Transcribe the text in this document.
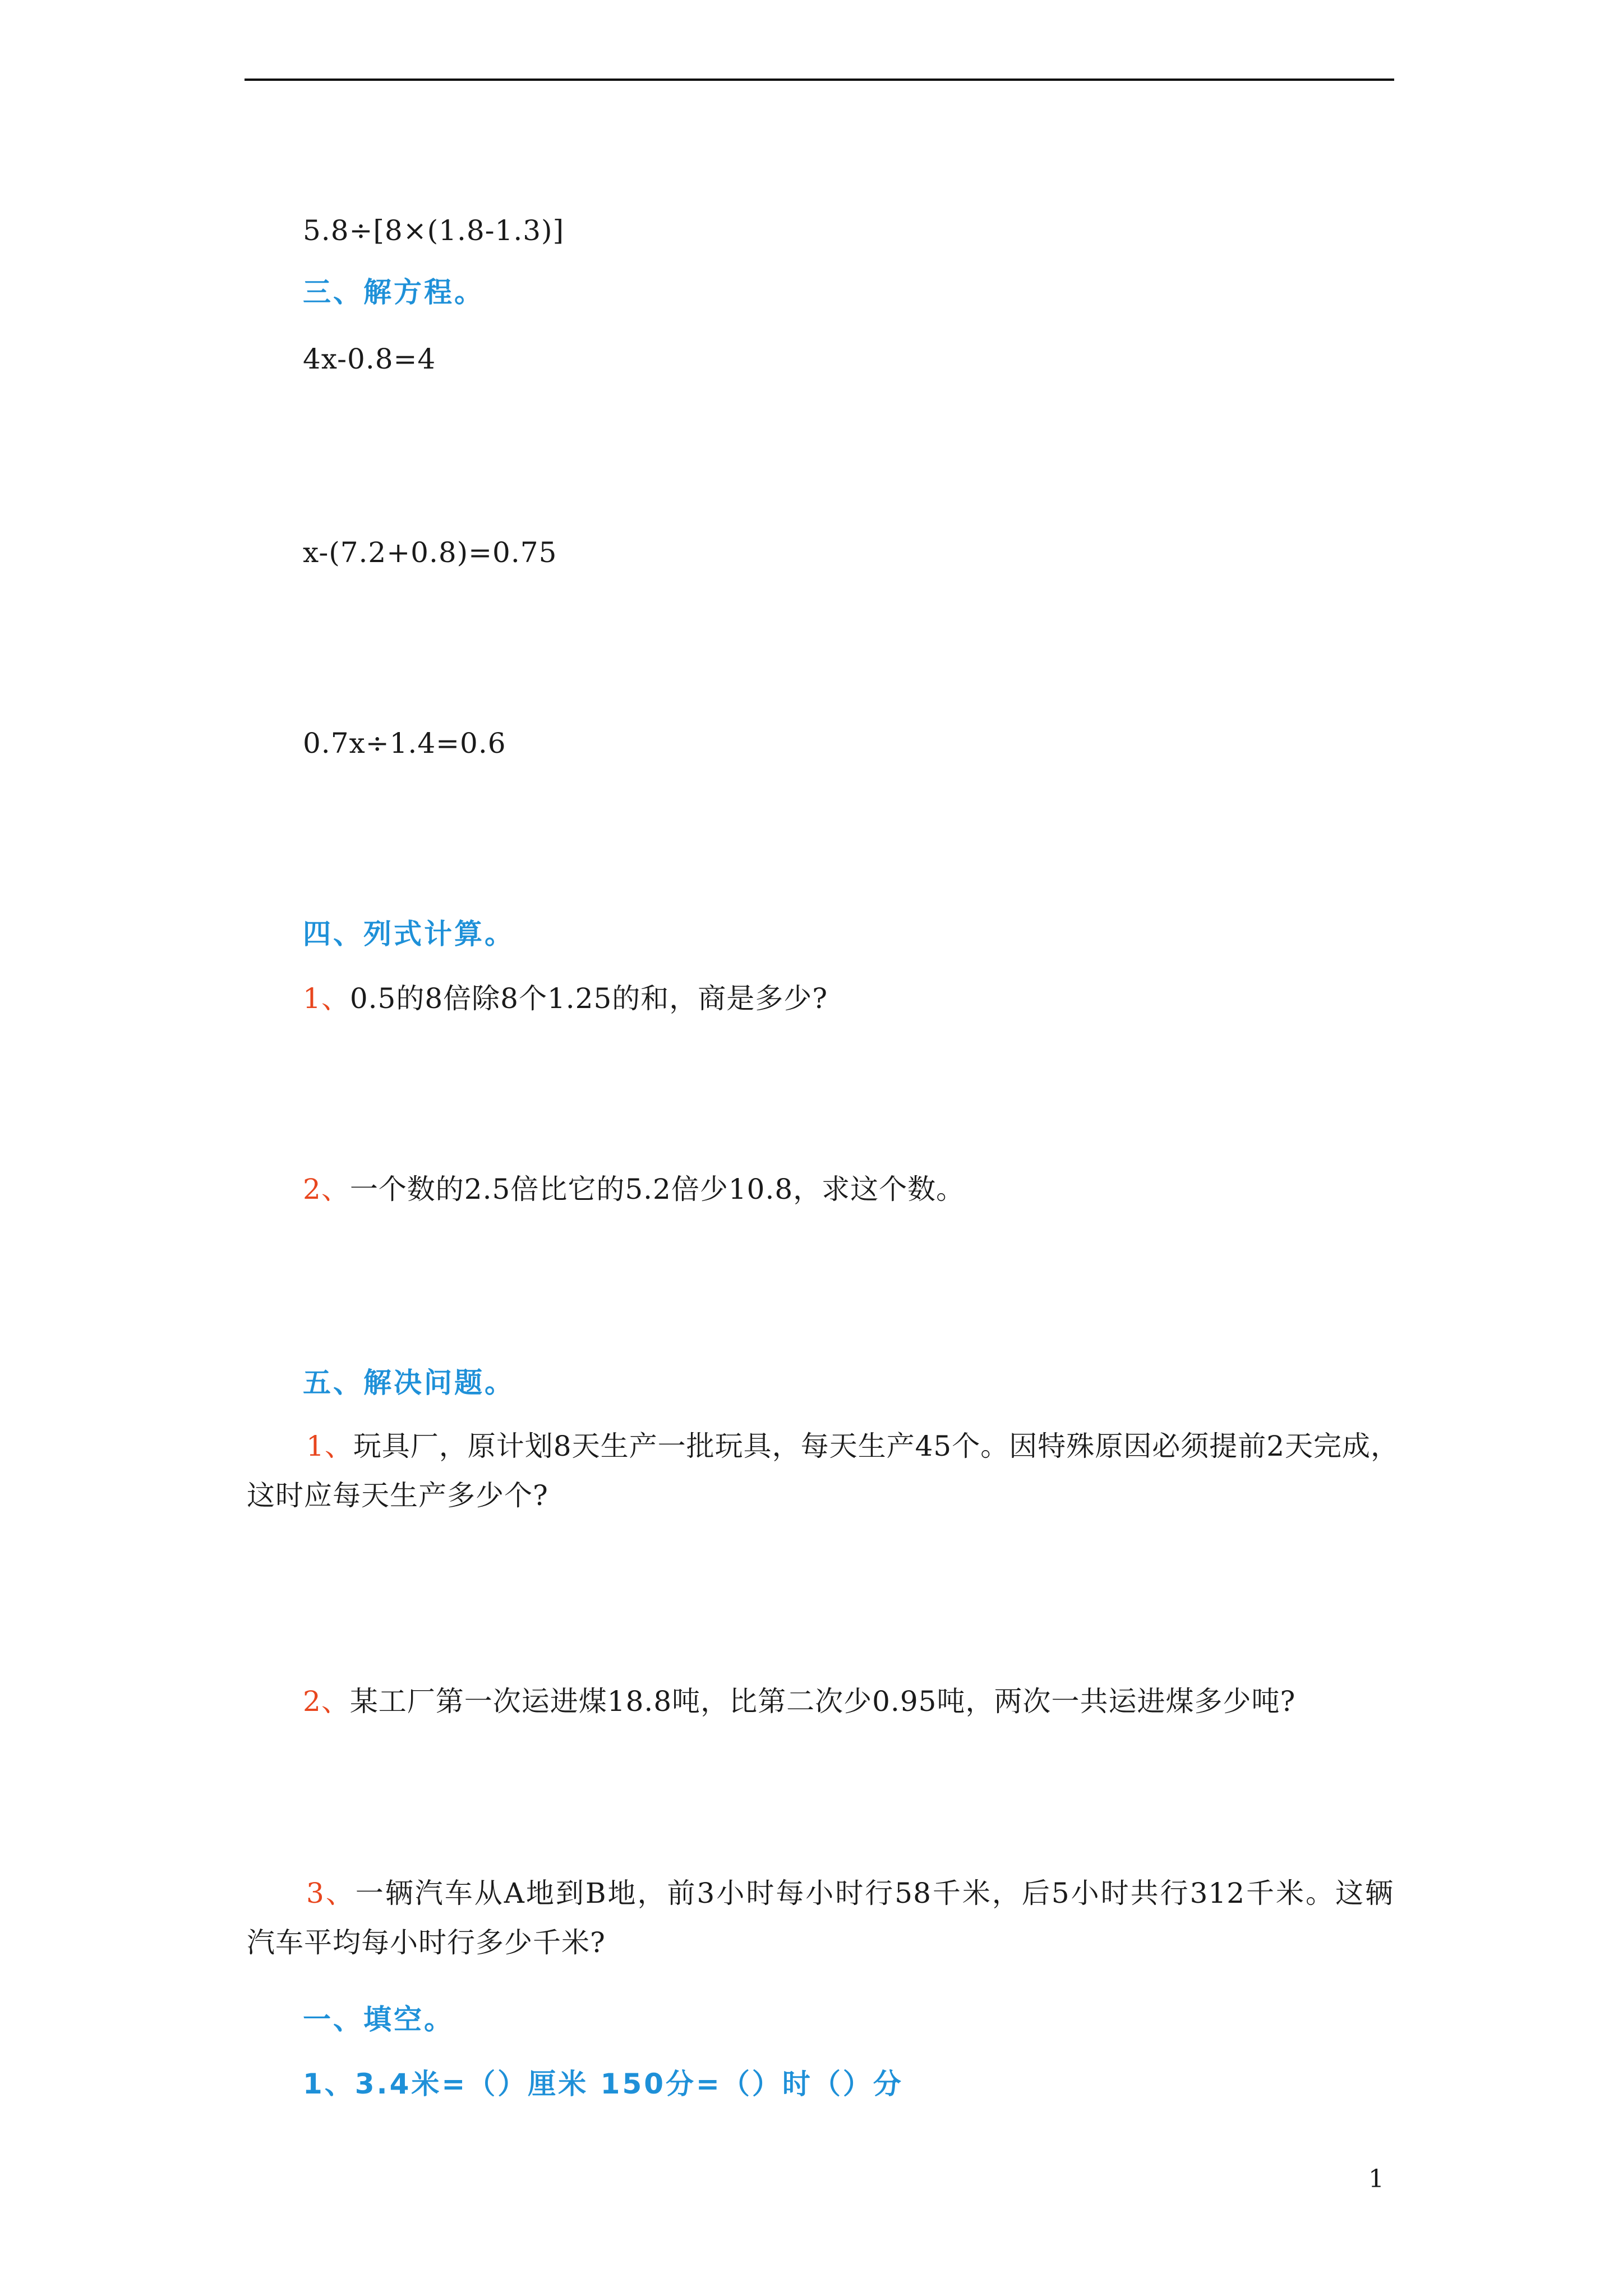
5.8÷[8×(1.8-1.3)]
三、解方程。
4x-0.8=4
x-(7.2+0.8)=0.75
0.7x÷1.4=0.6
四、列式计算。
1、0.5的8倍除8个1.25的和，商是多少?
2、一个数的2.5倍比它的5.2倍少10.8，求这个数。
五、解决问题。
1、玩具厂，原计划8天生产一批玩具，每天生产45个。因特殊原因必须提前2天完成，
这时应每天生产多少个?
2、某工厂第一次运进煤18.8吨，比第二次少0.95吨，两次一共运进煤多少吨?
3、一辆汽车从A地到B地，前3小时每小时行58千米，后5小时共行312千米。这辆
汽车平均每小时行多少千米?
一、填空。
1、3.4米=（）厘米 150分=（）时（）分
1
